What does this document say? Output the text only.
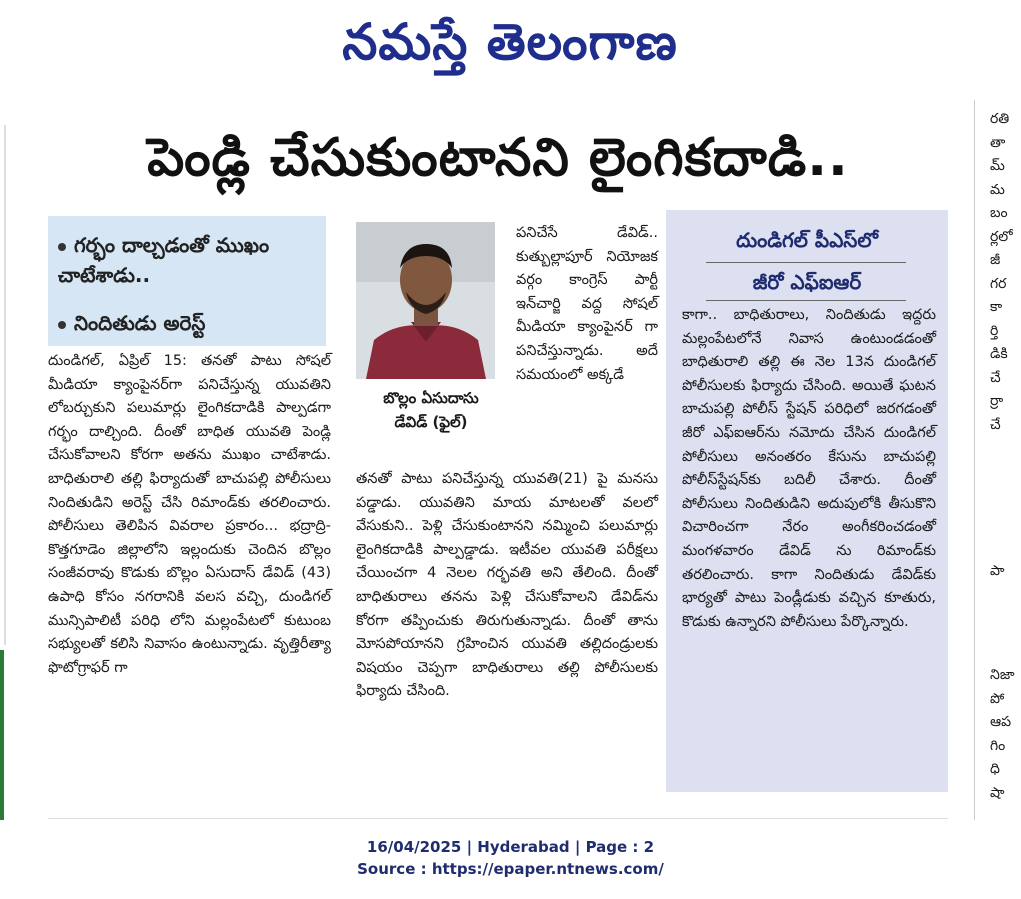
నమస్తే తెలంగాణ
పెండ్లి చేసుకుంటానని లైంగికదాడి..
గర్భం దాల్చడంతో ముఖం చాటేశాడు..
నిందితుడు అరెస్ట్

దుండిగల్, ఏప్రిల్ 15: తనతో పాటు సోషల్ మీడియా క్యాంపైనర్‌గా పనిచేస్తున్న యువతిని లోబర్చుకుని పలుమార్లు లైంగికదాడికి పాల్పడగా గర్భం దాల్చింది. దీంతో బాధిత యువతి పెండ్లి చేసుకోవాలని కోరగా అతను ముఖం చాటేశాడు. బాధితురాలి తల్లి ఫిర్యాదుతో బాచుపల్లి పోలీసులు నిందితుడిని అరెస్ట్ చేసి రిమాండ్‌కు తరలించారు. పోలీసులు తెలిపిన వివరాల ప్రకారం... భద్రాద్రి- కొత్తగూడెం జిల్లాలోని ఇల్లందుకు చెందిన బొల్లం సంజీవరావు కొడుకు బొల్లం ఏసుదాస్ డేవిడ్ (43) ఉపాధి కోసం నగరానికి వలస వచ్చి, దుండిగల్ మున్సిపాలిటీ పరిధి లోని మల్లంపేటలో కుటుంబ సభ్యులతో కలిసి నివాసం ఉంటున్నాడు. వృత్తిరీత్యా ఫొటోగ్రాఫర్ గా

బొల్లం ఏసుదాసు
డేవిడ్ (ఫైల్)

పనిచేసే డేవిడ్.. కుత్బుల్లాపూర్ నియోజక వర్గం కాంగ్రెస్ పార్టీ ఇన్‌చార్జి వద్ద సోషల్ మీడియా క్యాంపైనర్ గా పనిచేస్తున్నాడు. అదే సమయంలో అక్కడే

తనతో పాటు పనిచేస్తున్న యువతి(21) పై మనసు పడ్డాడు. యువతిని మాయ మాటలతో వలలో వేసుకుని.. పెళ్లి చేసుకుంటానని నమ్మించి పలుమార్లు లైంగికదాడికి పాల్పడ్డాడు. ఇటీవల యువతి పరీక్షలు చేయించగా 4 నెలల గర్భవతి అని తేలింది. దీంతో బాధితురాలు తనను పెళ్లి చేసుకోవాలని డేవిడ్‌ను కోరగా తప్పించుకు తిరుగుతున్నాడు. దీంతో తాను మోసపోయానని గ్రహించిన యువతి తల్లిదండ్రులకు విషయం చెప్పగా బాధితురాలు తల్లి పోలీసులకు ఫిర్యాదు చేసింది.

దుండిగల్ పీఎస్‌లో
జీరో ఎఫ్ఐఆర్

కాగా.. బాధితురాలు, నిందితుడు ఇద్దరు మల్లంపేటలోనే నివాస ఉంటుండడంతో బాధితురాలి తల్లి ఈ నెల 13న దుండిగల్ పోలీసులకు ఫిర్యాదు చేసింది. అయితే ఘటన బాచుపల్లి పోలీస్ స్టేషన్ పరిధిలో జరగడంతో జీరో ఎఫ్ఐఆర్‌ను నమోదు చేసిన దుండిగల్ పోలీసులు అనంతరం కేసును బాచుపల్లి పోలీస్‌స్టేషన్‌కు బదిలీ చేశారు. దీంతో పోలీసులు నిందితుడిని అదుపులోకి తీసుకొని విచారించగా నేరం అంగీకరించడంతో మంగళవారం డేవిడ్ ను రిమాండ్‌కు తరలించారు. కాగా నిందితుడు డేవిడ్‌కు భార్యతో పాటు పెండ్లీడుకు వచ్చిన కూతురు, కొడుకు ఉన్నారని పోలీసులు పేర్కొన్నారు.

రతి
తా
మ్
మ
బం
ర్లలో
జీ
గర
కా
ర్తి
డికి
చే
ర్రా
చే
పా
నిజా
పో
ఆప
గిం
ధి
షా
16/04/2025 | Hyderabad | Page : 2
Source : https://epaper.ntnews.com/
